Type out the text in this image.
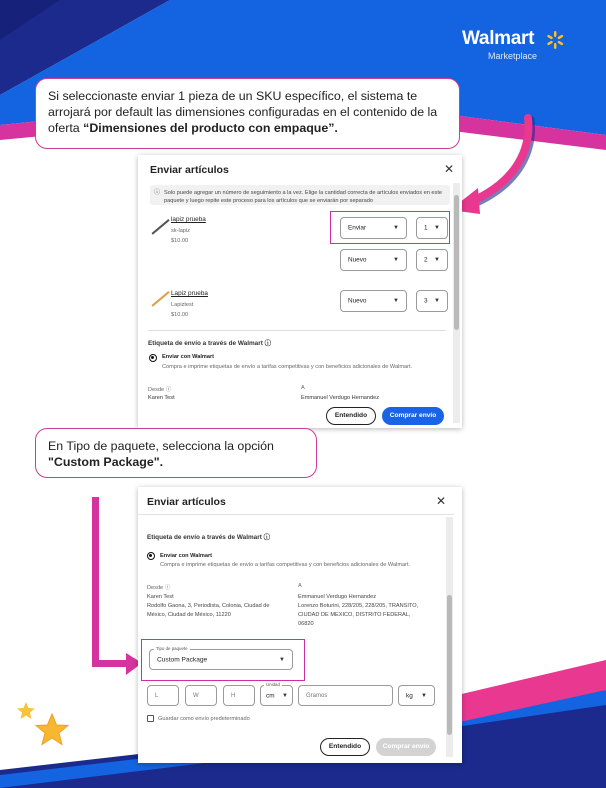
Walmart
Marketplace
Si seleccionaste enviar 1 pieza de un SKU específico, el sistema te arrojará por default las dimensiones configuradas en el contenido de la oferta “Dimensiones del producto con empaque”.
Enviar artículos	✕
ⓘ Solo puede agregar un número de seguimiento a la vez. Elige la cantidad correcta de artículos enviados en este paquete y luego repite este proceso para los artículos que se enviarán por separado
lapiz prueba
sk-lapiz
$10.00
Enviar	▼	1 ▼
Nuevo	▼	2 ▼
Lapiz prueba
Lapiztest
$10.00
Nuevo	▼	3 ▼
Etiqueta de envío a través de Walmart ⓘ
Enviar con Walmart
Compra e imprime etiquetas de envío a tarifas competitivas y con beneficios adicionales de Walmart.
Desde ⓘ
Karen Test
A
Emmanuel Verdugo Hernandez
Entendido	Comprar envío
En Tipo de paquete, selecciona la opción "Custom Package".
Enviar artículos	✕
Etiqueta de envío a través de Walmart ⓘ
Enviar con Walmart
Compra e imprime etiquetas de envío a tarifas competitivas y con beneficios adicionales de Walmart.
Desde ⓘ
Karen Test
Rodolfo Gaona, 3, Periodista, Colonia, Ciudad de
México, Ciudad de México, 11220
A
Emmanuel Verdugo Hernandez
Lorenzo Boturini, 228/205, 228/205, TRANSITO,
CIUDAD DE MEXICO, DISTRITO FEDERAL,
06820
Custom Package	▼
Tipo de paquete
L	W	H	cm ▼
Unidad
Gramos	kg ▼
Guardar como envío predeterminado
Entendido	Comprar envío
